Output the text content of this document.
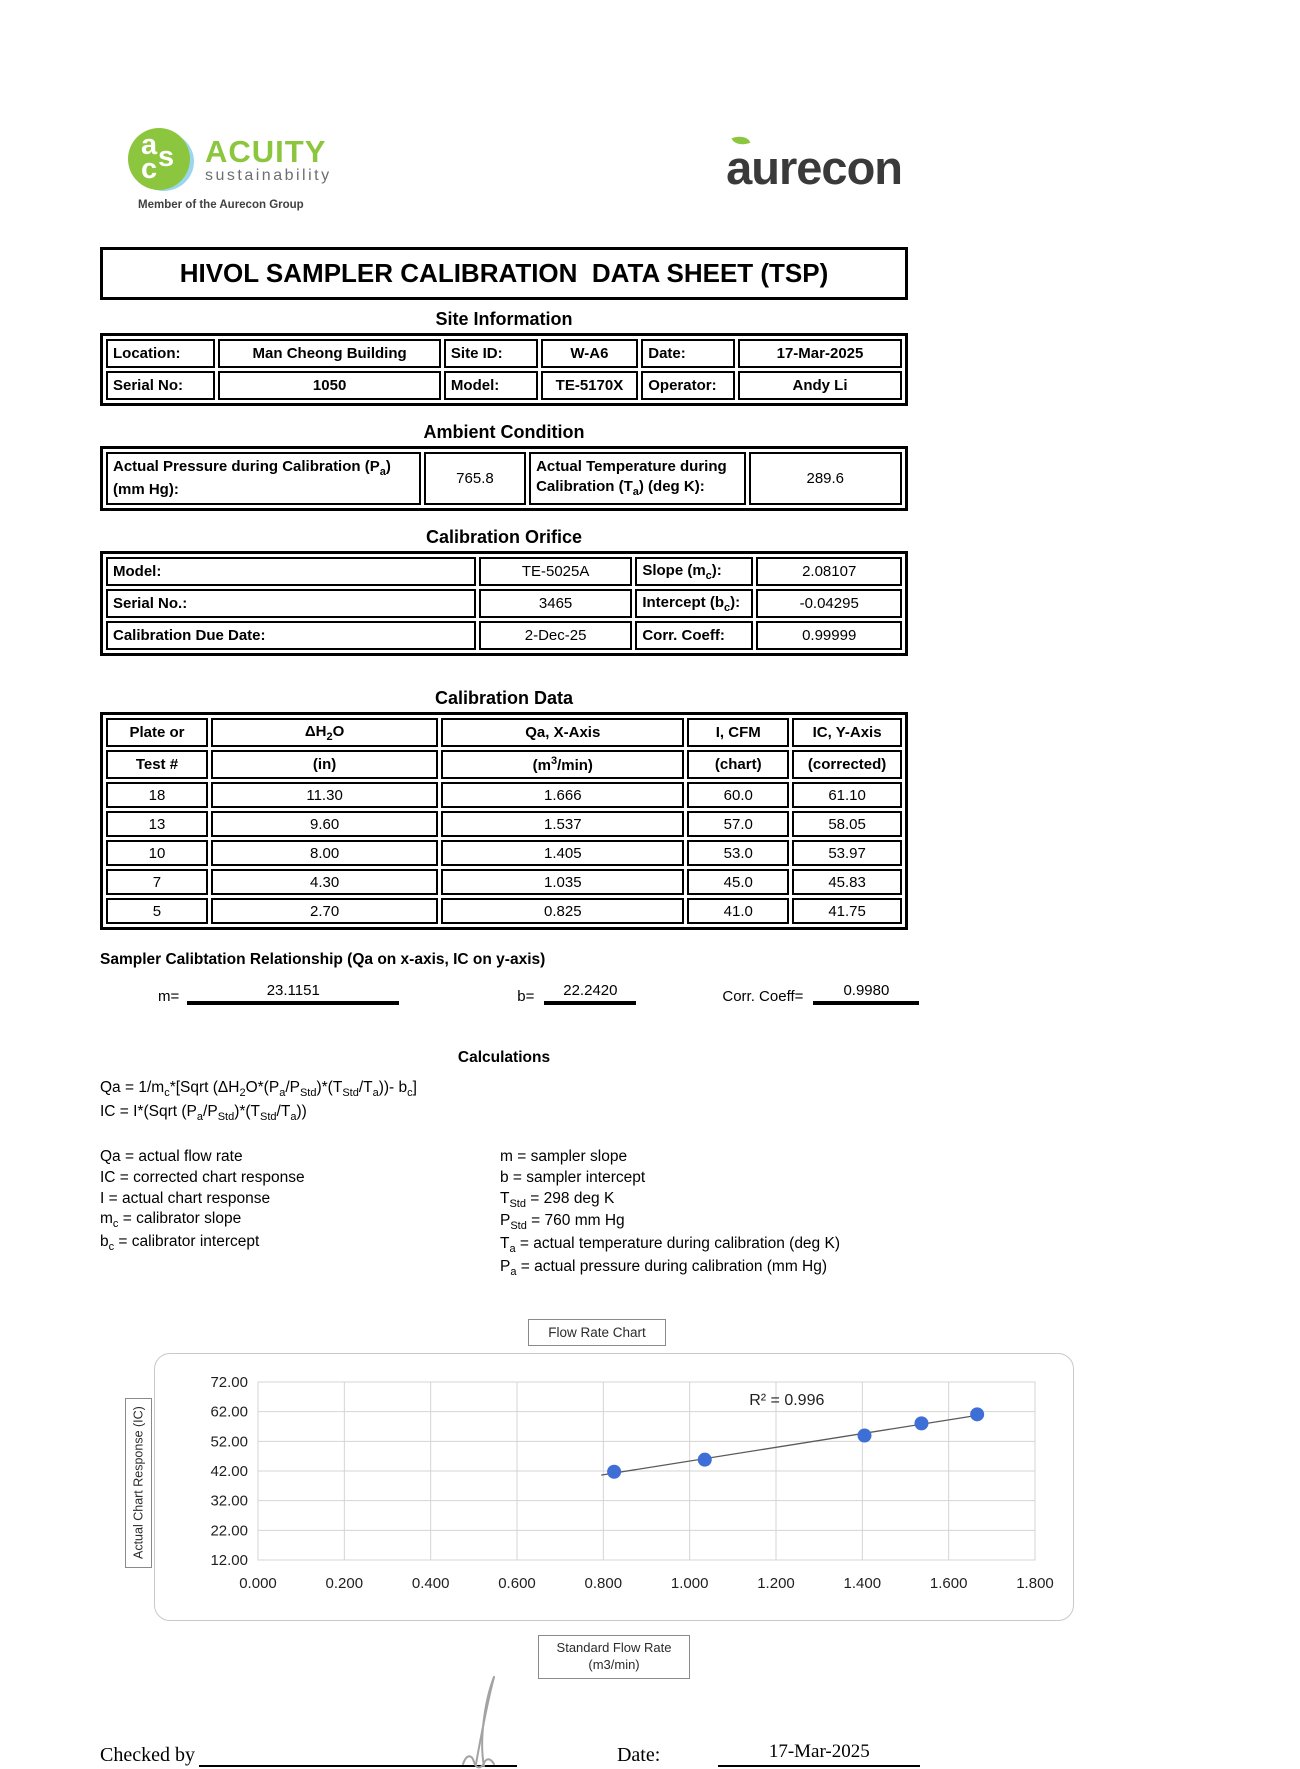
a s
c
ACUITY
sustainability
Member of the Aurecon Group
aurecon
HIVOL SAMPLER CALIBRATION  DATA SHEET (TSP)
Site Information
Location:	Man Cheong Building	Site ID:	W-A6	Date:	17-Mar-2025
Serial No:	1050	Model:	TE-5170X	Operator:	Andy Li
Ambient Condition
Actual Pressure during Calibration $(P_a)$ (mm Hg):	765.8	Actual Temperature during Calibration $(T_a)$ (deg K):	289.6
Calibration Orifice
Model:	TE-5025A	Slope $(m_c)$:	2.08107
Serial No.:	3465	Intercept $(b_c)$:	-0.04295
Calibration Due Date:	2-Dec-25	Corr. Coeff:	0.99999
Calibration Data
Plate or	$\Delta H_2O$	Qa, X-Axis	I, CFM	IC, Y-Axis
Test #	(in)	$(m^3/\min)$	(chart)	(corrected)
18	11.30	1.666	60.0	61.10
13	9.60	1.537	57.0	58.05
10	8.00	1.405	53.0	53.97
7	4.30	1.035	45.0	45.83
5	2.70	0.825	41.0	41.75
Sampler Calibtation Relationship (Qa on x-axis, IC on y-axis)
m=	23.1151	b=	22.2420	Corr. Coeff=	0.9980
Calculations
$Qa = 1/m_c*[Sqrt$ $(\Delta H_2O*(P_a/P_{Std})*(T_{Std}/T_a))-$ $b_c$]
IC = I*(Sqrt $(P_a/P_{Std})*(T_{Std}/T_a)$)
Qa = actual flow rate
IC = corrected chart response
I = actual chart response
$m_c$ = calibrator slope
$b_c$ = calibrator intercept
m = sampler slope
b = sampler intercept
$T_{Std} = 298$ deg K
$P_{Std} = 760$ mm Hg
$T_a$ = actual temperature during calibration (deg K)
$P_a$ = actual pressure during calibration (mm Hg)
Flow Rate Chart
Actual Chart Response (IC)
0.000	0.200	0.400	0.600	0.800	1.000	1.200	1.400	1.600	1.800
72.00
62.00
52.00
42.00
32.00
22.00
12.00
R² = 0.996
Standard Flow Rate
(m3/min)
Checked by	Date:	17-Mar-2025
